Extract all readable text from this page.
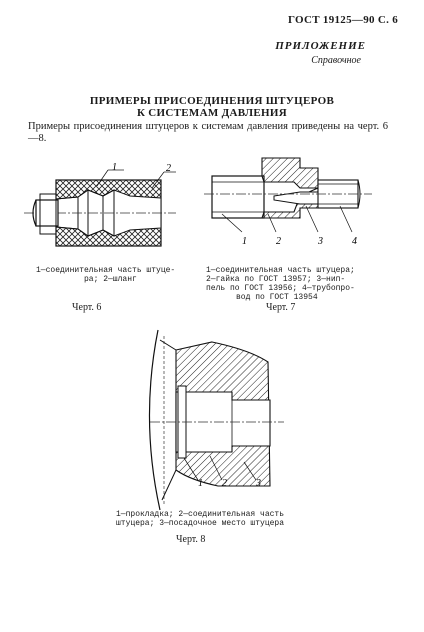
ГОСТ 19125—90 С. 6
ПРИЛОЖЕНИЕ
Справочное
ПРИМЕРЫ ПРИСОЕДИНЕНИЯ ШТУЦЕРОВ
К СИСТЕМАМ ДАВЛЕНИЯ
Примеры присоединения штуцеров к системам давления приведены на черт. 6—8.
1	2
1	2	3	4
1 2	3
1—соединительная часть штуце-
ра; 2—шланг
Черт. 6
1—соединительная часть штуцера;
2—гайка по ГОСТ 13957; 3—нип-
пель по ГОСТ 13956; 4—трубопро-
вод по ГОСТ 13954
Черт. 7
1—прокладка; 2—соединительная часть
штуцера; 3—посадочное место штуцера
Черт. 8
